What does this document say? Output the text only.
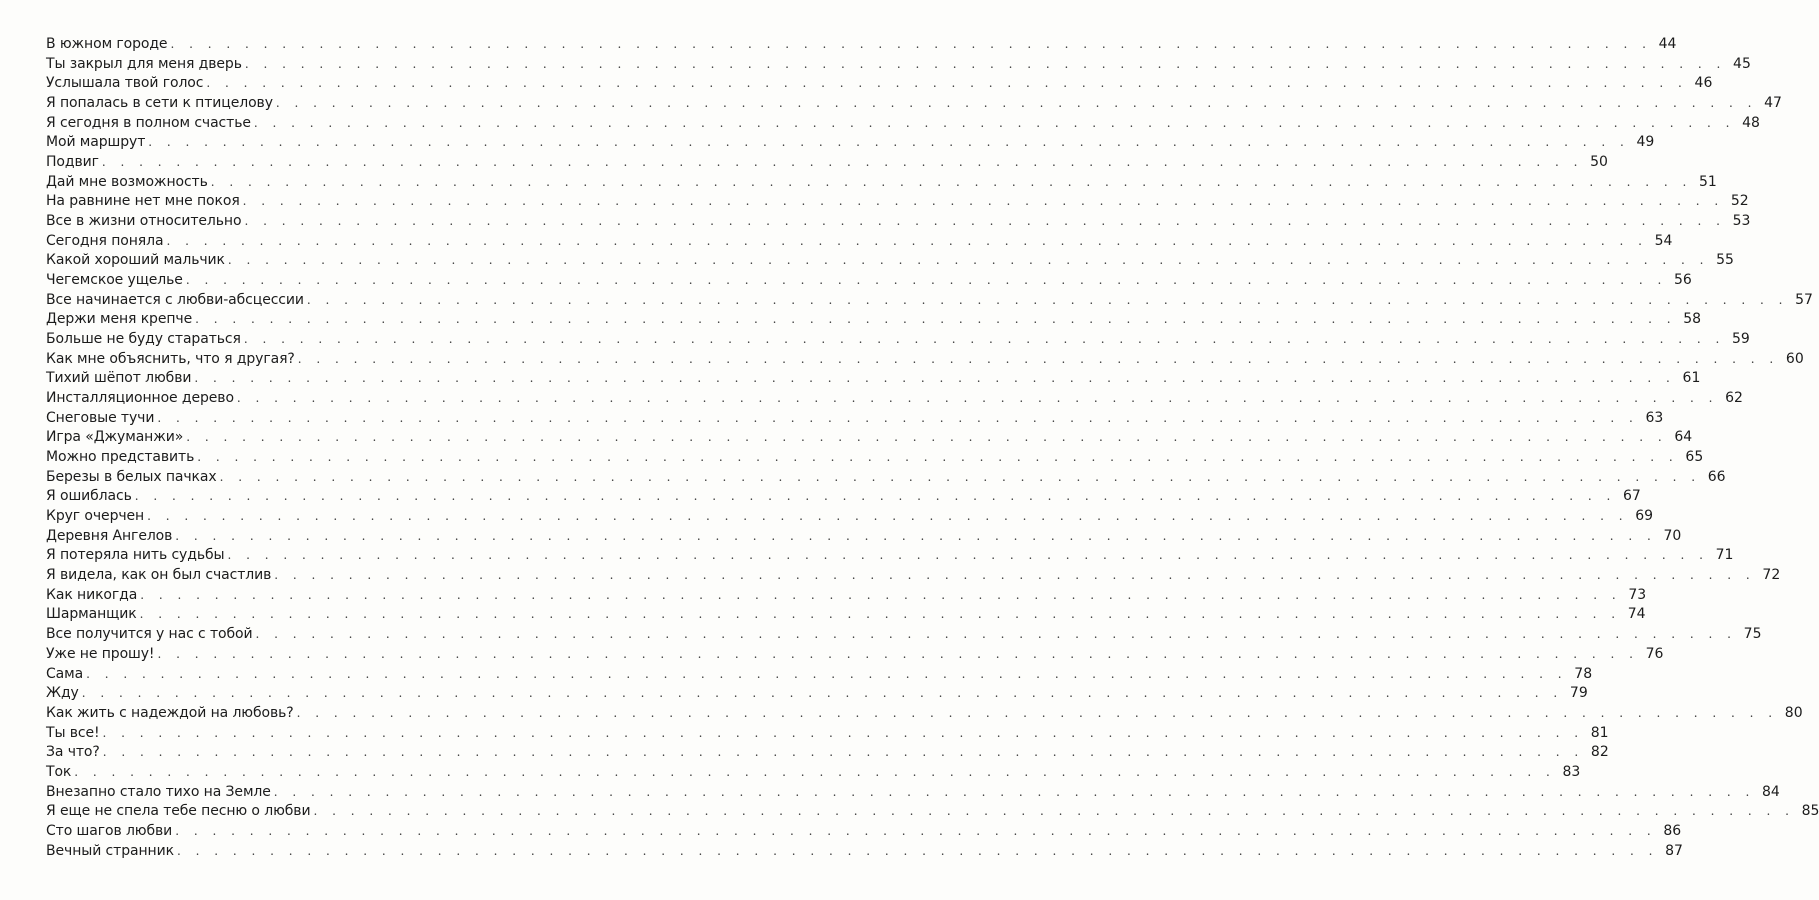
В южном городе . . . . . . . . . . . . . . . . . . . . . . . . . . . . . . . . . . . . . . . . . . . . . . . . . . . . . . . . . . . . . . . . . . . . . . . . . . . . . . . . 44
Ты закрыл для меня дверь . . . . . . . . . . . . . . . . . . . . . . . . . . . . . . . . . . . . . . . . . . . . . . . . . . . . . . . . . . . . . . . . . . . . . . . . . . . . . . . . 45
Услышала твой голос . . . . . . . . . . . . . . . . . . . . . . . . . . . . . . . . . . . . . . . . . . . . . . . . . . . . . . . . . . . . . . . . . . . . . . . . . . . . . . . . 46
Я попалась в сети к птицелову . . . . . . . . . . . . . . . . . . . . . . . . . . . . . . . . . . . . . . . . . . . . . . . . . . . . . . . . . . . . . . . . . . . . . . . . . . . . . . . . 47
Я сегодня в полном счастье . . . . . . . . . . . . . . . . . . . . . . . . . . . . . . . . . . . . . . . . . . . . . . . . . . . . . . . . . . . . . . . . . . . . . . . . . . . . . . . . 48
Мой маршрут . . . . . . . . . . . . . . . . . . . . . . . . . . . . . . . . . . . . . . . . . . . . . . . . . . . . . . . . . . . . . . . . . . . . . . . . . . . . . . . . 49
Подвиг . . . . . . . . . . . . . . . . . . . . . . . . . . . . . . . . . . . . . . . . . . . . . . . . . . . . . . . . . . . . . . . . . . . . . . . . . . . . . . . . 50
Дай мне возможность . . . . . . . . . . . . . . . . . . . . . . . . . . . . . . . . . . . . . . . . . . . . . . . . . . . . . . . . . . . . . . . . . . . . . . . . . . . . . . . . 51
На равнине нет мне покоя . . . . . . . . . . . . . . . . . . . . . . . . . . . . . . . . . . . . . . . . . . . . . . . . . . . . . . . . . . . . . . . . . . . . . . . . . . . . . . . . 52
Все в жизни относительно . . . . . . . . . . . . . . . . . . . . . . . . . . . . . . . . . . . . . . . . . . . . . . . . . . . . . . . . . . . . . . . . . . . . . . . . . . . . . . . . 53
Сегодня поняла . . . . . . . . . . . . . . . . . . . . . . . . . . . . . . . . . . . . . . . . . . . . . . . . . . . . . . . . . . . . . . . . . . . . . . . . . . . . . . . . 54
Какой хороший мальчик . . . . . . . . . . . . . . . . . . . . . . . . . . . . . . . . . . . . . . . . . . . . . . . . . . . . . . . . . . . . . . . . . . . . . . . . . . . . . . . . 55
Чегемское ущелье . . . . . . . . . . . . . . . . . . . . . . . . . . . . . . . . . . . . . . . . . . . . . . . . . . . . . . . . . . . . . . . . . . . . . . . . . . . . . . . . 56
Все начинается с любви-абсцессии . . . . . . . . . . . . . . . . . . . . . . . . . . . . . . . . . . . . . . . . . . . . . . . . . . . . . . . . . . . . . . . . . . . . . . . . . . . . . . . . 57
Держи меня крепче . . . . . . . . . . . . . . . . . . . . . . . . . . . . . . . . . . . . . . . . . . . . . . . . . . . . . . . . . . . . . . . . . . . . . . . . . . . . . . . . 58
Больше не буду стараться . . . . . . . . . . . . . . . . . . . . . . . . . . . . . . . . . . . . . . . . . . . . . . . . . . . . . . . . . . . . . . . . . . . . . . . . . . . . . . . . 59
Как мне объяснить, что я другая? . . . . . . . . . . . . . . . . . . . . . . . . . . . . . . . . . . . . . . . . . . . . . . . . . . . . . . . . . . . . . . . . . . . . . . . . . . . . . . . . 60
Тихий шёпот любви . . . . . . . . . . . . . . . . . . . . . . . . . . . . . . . . . . . . . . . . . . . . . . . . . . . . . . . . . . . . . . . . . . . . . . . . . . . . . . . . 61
Инсталляционное дерево . . . . . . . . . . . . . . . . . . . . . . . . . . . . . . . . . . . . . . . . . . . . . . . . . . . . . . . . . . . . . . . . . . . . . . . . . . . . . . . . 62
Снеговые тучи . . . . . . . . . . . . . . . . . . . . . . . . . . . . . . . . . . . . . . . . . . . . . . . . . . . . . . . . . . . . . . . . . . . . . . . . . . . . . . . . 63
Игра «Джуманжи» . . . . . . . . . . . . . . . . . . . . . . . . . . . . . . . . . . . . . . . . . . . . . . . . . . . . . . . . . . . . . . . . . . . . . . . . . . . . . . . . 64
Можно представить . . . . . . . . . . . . . . . . . . . . . . . . . . . . . . . . . . . . . . . . . . . . . . . . . . . . . . . . . . . . . . . . . . . . . . . . . . . . . . . . 65
Березы в белых пачках . . . . . . . . . . . . . . . . . . . . . . . . . . . . . . . . . . . . . . . . . . . . . . . . . . . . . . . . . . . . . . . . . . . . . . . . . . . . . . . . 66
Я ошиблась . . . . . . . . . . . . . . . . . . . . . . . . . . . . . . . . . . . . . . . . . . . . . . . . . . . . . . . . . . . . . . . . . . . . . . . . . . . . . . . . 67
Круг очерчен . . . . . . . . . . . . . . . . . . . . . . . . . . . . . . . . . . . . . . . . . . . . . . . . . . . . . . . . . . . . . . . . . . . . . . . . . . . . . . . . 69
Деревня Ангелов . . . . . . . . . . . . . . . . . . . . . . . . . . . . . . . . . . . . . . . . . . . . . . . . . . . . . . . . . . . . . . . . . . . . . . . . . . . . . . . . 70
Я потеряла нить судьбы . . . . . . . . . . . . . . . . . . . . . . . . . . . . . . . . . . . . . . . . . . . . . . . . . . . . . . . . . . . . . . . . . . . . . . . . . . . . . . . . 71
Я видела, как он был счастлив . . . . . . . . . . . . . . . . . . . . . . . . . . . . . . . . . . . . . . . . . . . . . . . . . . . . . . . . . . . . . . . . . . . . . . . . . . . . . . . . 72
Как никогда . . . . . . . . . . . . . . . . . . . . . . . . . . . . . . . . . . . . . . . . . . . . . . . . . . . . . . . . . . . . . . . . . . . . . . . . . . . . . . . . 73
Шарманщик . . . . . . . . . . . . . . . . . . . . . . . . . . . . . . . . . . . . . . . . . . . . . . . . . . . . . . . . . . . . . . . . . . . . . . . . . . . . . . . . 74
Все получится у нас с тобой . . . . . . . . . . . . . . . . . . . . . . . . . . . . . . . . . . . . . . . . . . . . . . . . . . . . . . . . . . . . . . . . . . . . . . . . . . . . . . . . 75
Уже не прошу! . . . . . . . . . . . . . . . . . . . . . . . . . . . . . . . . . . . . . . . . . . . . . . . . . . . . . . . . . . . . . . . . . . . . . . . . . . . . . . . . 76
Сама . . . . . . . . . . . . . . . . . . . . . . . . . . . . . . . . . . . . . . . . . . . . . . . . . . . . . . . . . . . . . . . . . . . . . . . . . . . . . . . . 78
Жду . . . . . . . . . . . . . . . . . . . . . . . . . . . . . . . . . . . . . . . . . . . . . . . . . . . . . . . . . . . . . . . . . . . . . . . . . . . . . . . . 79
Как жить с надеждой на любовь? . . . . . . . . . . . . . . . . . . . . . . . . . . . . . . . . . . . . . . . . . . . . . . . . . . . . . . . . . . . . . . . . . . . . . . . . . . . . . . . . 80
Ты все! . . . . . . . . . . . . . . . . . . . . . . . . . . . . . . . . . . . . . . . . . . . . . . . . . . . . . . . . . . . . . . . . . . . . . . . . . . . . . . . . 81
За что? . . . . . . . . . . . . . . . . . . . . . . . . . . . . . . . . . . . . . . . . . . . . . . . . . . . . . . . . . . . . . . . . . . . . . . . . . . . . . . . . 82
Ток . . . . . . . . . . . . . . . . . . . . . . . . . . . . . . . . . . . . . . . . . . . . . . . . . . . . . . . . . . . . . . . . . . . . . . . . . . . . . . . . 83
Внезапно стало тихо на Земле . . . . . . . . . . . . . . . . . . . . . . . . . . . . . . . . . . . . . . . . . . . . . . . . . . . . . . . . . . . . . . . . . . . . . . . . . . . . . . . . 84
Я еще не спела тебе песню о любви . . . . . . . . . . . . . . . . . . . . . . . . . . . . . . . . . . . . . . . . . . . . . . . . . . . . . . . . . . . . . . . . . . . . . . . . . . . . . . . . 85
Сто шагов любви . . . . . . . . . . . . . . . . . . . . . . . . . . . . . . . . . . . . . . . . . . . . . . . . . . . . . . . . . . . . . . . . . . . . . . . . . . . . . . . . 86
Вечный странник . . . . . . . . . . . . . . . . . . . . . . . . . . . . . . . . . . . . . . . . . . . . . . . . . . . . . . . . . . . . . . . . . . . . . . . . . . . . . . . . 87
